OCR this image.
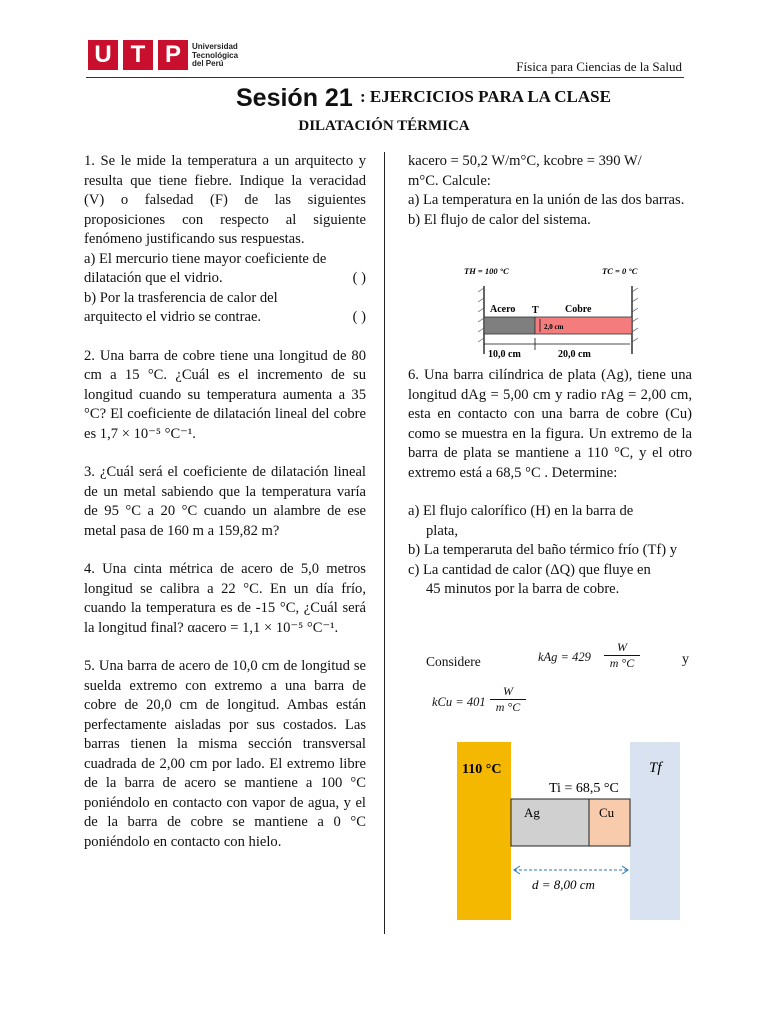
U T P	Universidad
Tecnológica
del Perú	Física para Ciencias de la Salud
Sesión 21 : EJERCICIOS PARA LA CLASE
DILATACIÓN TÉRMICA

1. Se le mide la temperatura a un arquitecto y resulta que tiene fiebre. Indique la veracidad (V) o falsedad (F) de las siguientes proposiciones con respecto al siguiente fenómeno justificando sus respuestas.

a) El mercurio tiene mayor coeficiente de

dilatación que el vidrio.	( )

b) Por la trasferencia de calor del

arquitecto el vidrio se contrae.	( )

2. Una barra de cobre tiene una longitud de 80 cm a 15 °C. ¿Cuál es el incremento de su longitud cuando su temperatura aumenta a 35 °C? El coeficiente de dilatación lineal del cobre es 1,7 × 10⁻⁵ °C⁻¹.

3. ¿Cuál será el coeficiente de dilatación lineal de un metal sabiendo que la temperatura varía de 95 °C a 20 °C cuando un alambre de ese metal pasa de 160 m a 159,82 m?

4. Una cinta métrica de acero de 5,0 metros longitud se calibra a 22 °C. En un día frío, cuando la temperatura es de -15 °C, ¿Cuál será la longitud final? αacero = 1,1 × 10⁻⁵ °C⁻¹.

5. Una barra de acero de 10,0 cm de longitud se suelda extremo con extremo a una barra de cobre de 20,0 cm de longitud. Ambas están perfectamente aisladas por sus costados. Las barras tienen la misma sección transversal cuadrada de 2,00 cm por lado. El extremo libre de la barra de acero se mantiene a 100 °C poniéndolo en contacto con vapor de agua, y el de la barra de cobre se mantiene a 0 °C poniéndolo en contacto con hielo.

kacero = 50,2 W/m°C, kcobre = 390 W/

m°C. Calcule:

a) La temperatura en la unión de las dos barras.

b) El flujo de calor del sistema.

TH = 100 °C	TC = 0 °C
Acero T	Cobre
2,0 cm
10,0 cm	20,0 cm

6. Una barra cilíndrica de plata (Ag), tiene una longitud dAg = 5,00 cm y radio rAg = 2,00 cm, esta en contacto con una barra de cobre (Cu) como se muestra en la figura. Un extremo de la barra de plata se mantiene a 110 °C, y el otro extremo está a 68,5 °C . Determine:

a) El flujo calorífico (H) en la barra de

plata,

b) La temperaruta del baño térmico frío (Tf) y

c) La cantidad de calor (ΔQ) que fluye en

45 minutos por la barra de cobre.

Considere	kAg = 429
W
m °C	y
kCu = 401
W
m °C
110 °C	Tf
Ti = 68,5 °C
Ag	Cu
d = 8,00 cm
